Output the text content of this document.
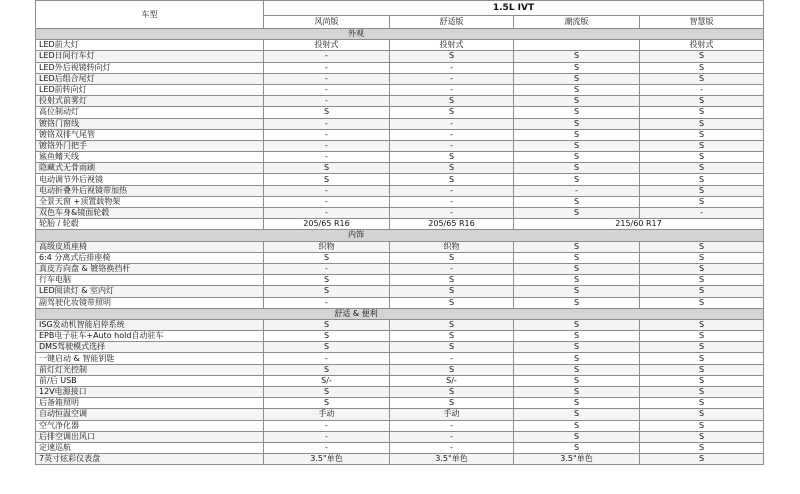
车型	1.5L IVT			
	风尚版	舒适版	潮流版	智慧版
外观				
LED前大灯	投射式	投射式		投射式
LED日间行车灯	-	S	S	S
LED外后视镜转向灯	-	-	S	S
LED后组合尾灯	-	-	S	S
LED前转向灯	-	-	S	-
投射式前雾灯	-	S	S	S
高位制动灯	S	S	S	S
镀铬门窗线	-	-	S	S
镀铬双排气尾管	-	-	S	S
镀铬外门把手	-	-	S	S
鲨鱼鳍天线	-	S	S	S
隐藏式无骨雨刷	S	S	S	S
电动调节外后视镜	S	S	S	S
电动折叠外后视镜带加热	-	-	-	S
全景天窗 +顶置载物架	-	-	S	S
双色车身&镜面轮毂	-	-	S	-
轮胎 / 轮毂	205/65 R16	205/65 R16	215/60 R17	
内饰				
高级皮质座椅	织物	织物	S	S
6:4 分离式后排座椅	S	S	S	S
真皮方向盘 & 镀铬换挡杆	-	-	S	S
行车电脑	S	S	S	S
LED阅读灯 & 室内灯	S	S	S	S
副驾驶化妆镜带照明	-	S	S	S
舒适 & 便利				
ISG发动机智能启停系统	S	S	S	S
EPB电子驻车+Auto hold自动驻车	S	S	S	S
DMS驾驶模式选择	S	S	S	S
一键启动 & 智能钥匙	-	-	S	S
前灯灯光控制	S	S	S	S
前/后 USB	S/-	S/-	S	S
12V电源接口	S	S	S	S
后备箱照明	S	S	S	S
自动恒温空调	手动	手动	S	S
空气净化器	-	-	S	S
后排空调出风口	-	-	S	S
定速巡航	-	-	S	S
7英寸炫彩仪表盘	3.5"单色	3.5"单色	3.5"单色	S
